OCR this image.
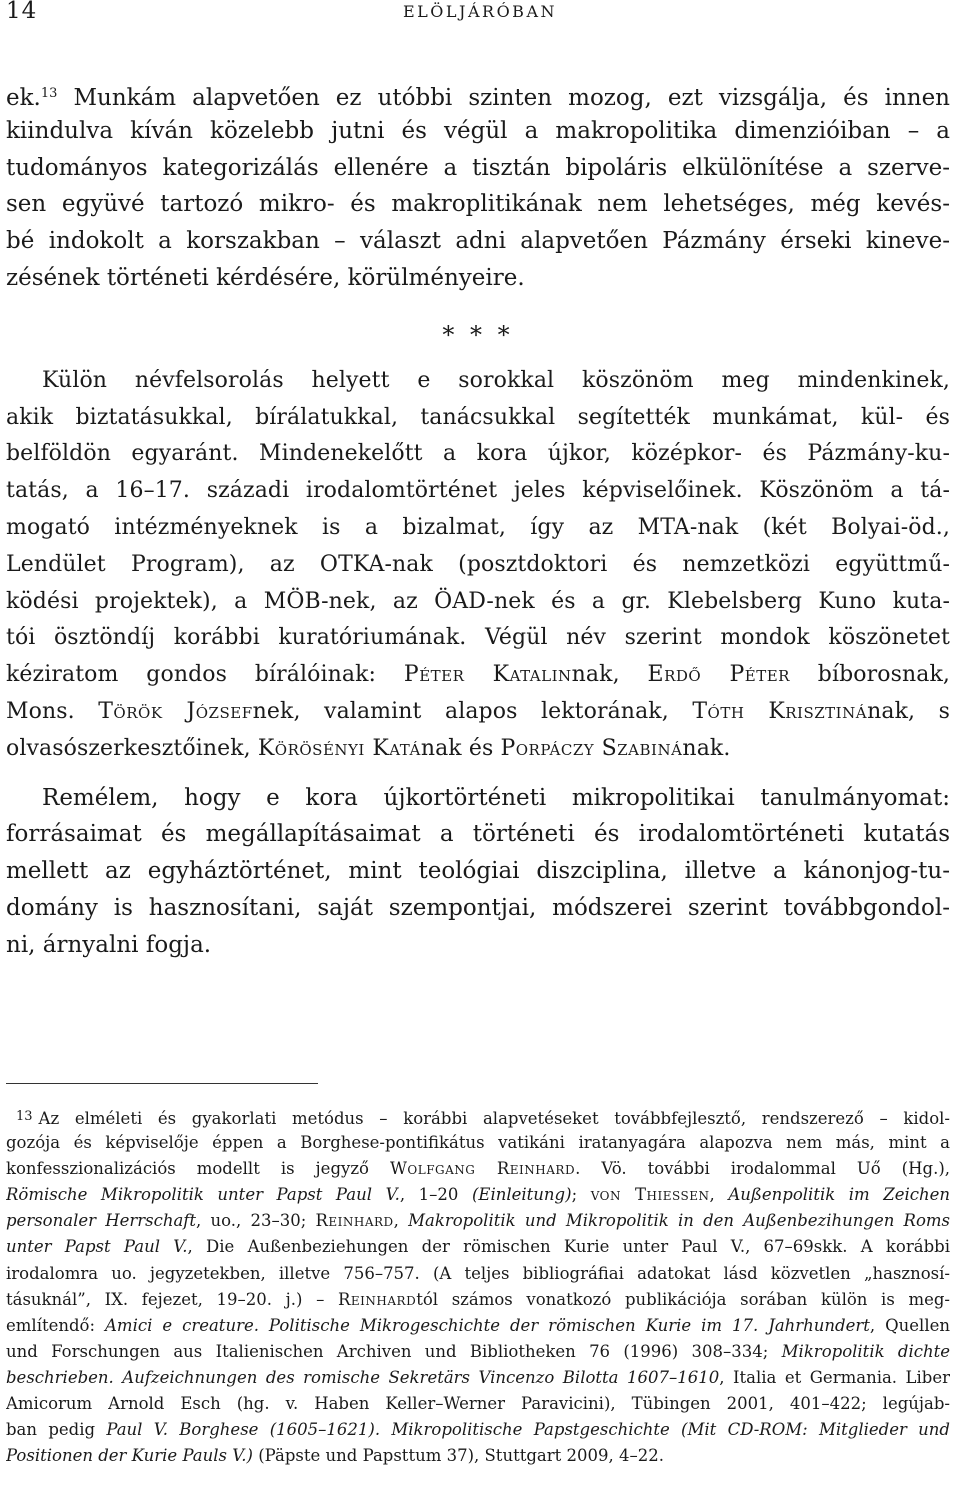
14	ELÖLJÁRÓBAN
ek.$^{13}$ Munkám alapvetően ez utóbbi szinten mozog, ezt vizsgálja, és innen
kiindulva kíván közelebb jutni és végül a makropolitika dimenzióiban – a
tudományos kategorizálás ellenére a tisztán bipoláris elkülönítése a szerve-
sen együvé tartozó mikro- és makroplitikának nem lehetséges, még kevés-
bé indokolt a korszakban – választ adni alapvetően Pázmány érseki kineve-
zésének történeti kérdésére, körülményeire.
* * *
Külön névfelsorolás helyett e sorokkal köszönöm meg mindenkinek,
akik biztatásukkal, bírálatukkal, tanácsukkal segítették munkámat, kül- és
belföldön egyaránt. Mindenekelőtt a kora újkor, középkor- és Pázmány-ku-
tatás, a 16–17. századi irodalomtörténet jeles képviselőinek. Köszönöm a tá-
mogató intézményeknek is a bizalmat, így az MTA-nak (két Bolyai-öd.,
Lendület Program), az OTKA-nak (posztdoktori és nemzetközi együttmű-
ködési projektek), a MÖB-nek, az ÖAD-nek és a gr. Klebelsberg Kuno kuta-
tói ösztöndíj korábbi kuratóriumának. Végül név szerint mondok köszönetet
kéziratom gondos bírálóinak: Péter Katalinnak, Erdő Péter bíborosnak,
Mons. Török Józsefnek, valamint alapos lektorának, Tóth Krisztinának, s
olvasószerkesztőinek, Körösényi Katának és Porpáczy Szabinának.
Remélem, hogy e kora újkortörténeti mikropolitikai tanulmányomat:
forrásaimat és megállapításaimat a történeti és irodalomtörténeti kutatás
mellett az egyháztörténet, mint teológiai diszciplina, illetve a kánonjog-tu-
domány is hasznosítani, saját szempontjai, módszerei szerint továbbgondol-
ni, árnyalni fogja.
$^{13}$ Az elméleti és gyakorlati metódus – korábbi alapvetéseket továbbfejlesztő, rendszerező – kidol-
gozója és képviselője éppen a Borghese-pontifikátus vatikáni iratanyagára alapozva nem más, mint a
konfesszionalizációs modellt is jegyző Wolfgang Reinhard. Vö. további irodalommal Uő (Hg.),
Römische Mikropolitik unter Papst Paul V., 1–20 (Einleitung); von Thiessen, Außenpolitik im Zeichen
personaler Herrschaft, uo., 23–30; Reinhard, Makropolitik und Mikropolitik in den Außenbezihungen Roms
unter Papst Paul V., Die Außenbeziehungen der römischen Kurie unter Paul V., 67–69skk. A korábbi
irodalomra uo. jegyzetekben, illetve 756–757. (A teljes bibliográfiai adatokat lásd közvetlen „hasznosí-
tásuknál”, IX. fejezet, 19–20. j.) – Reinhardtól számos vonatkozó publikációja sorában külön is meg-
említendő: Amici e creature. Politische Mikrogeschichte der römischen Kurie im 17. Jahrhundert, Quellen
und Forschungen aus Italienischen Archiven und Bibliotheken 76 (1996) 308–334; Mikropolitik dichte
beschrieben. Aufzeichnungen des romische Sekretärs Vincenzo Bilotta 1607–1610, Italia et Germania. Liber
Amicorum Arnold Esch (hg. v. Haben Keller–Werner Paravicini), Tübingen 2001, 401–422; legújab-
ban pedig Paul V. Borghese (1605–1621). Mikropolitische Papstgeschichte (Mit CD-ROM: Mitglieder und
Positionen der Kurie Pauls V.) (Päpste und Papsttum 37), Stuttgart 2009, 4–22.
